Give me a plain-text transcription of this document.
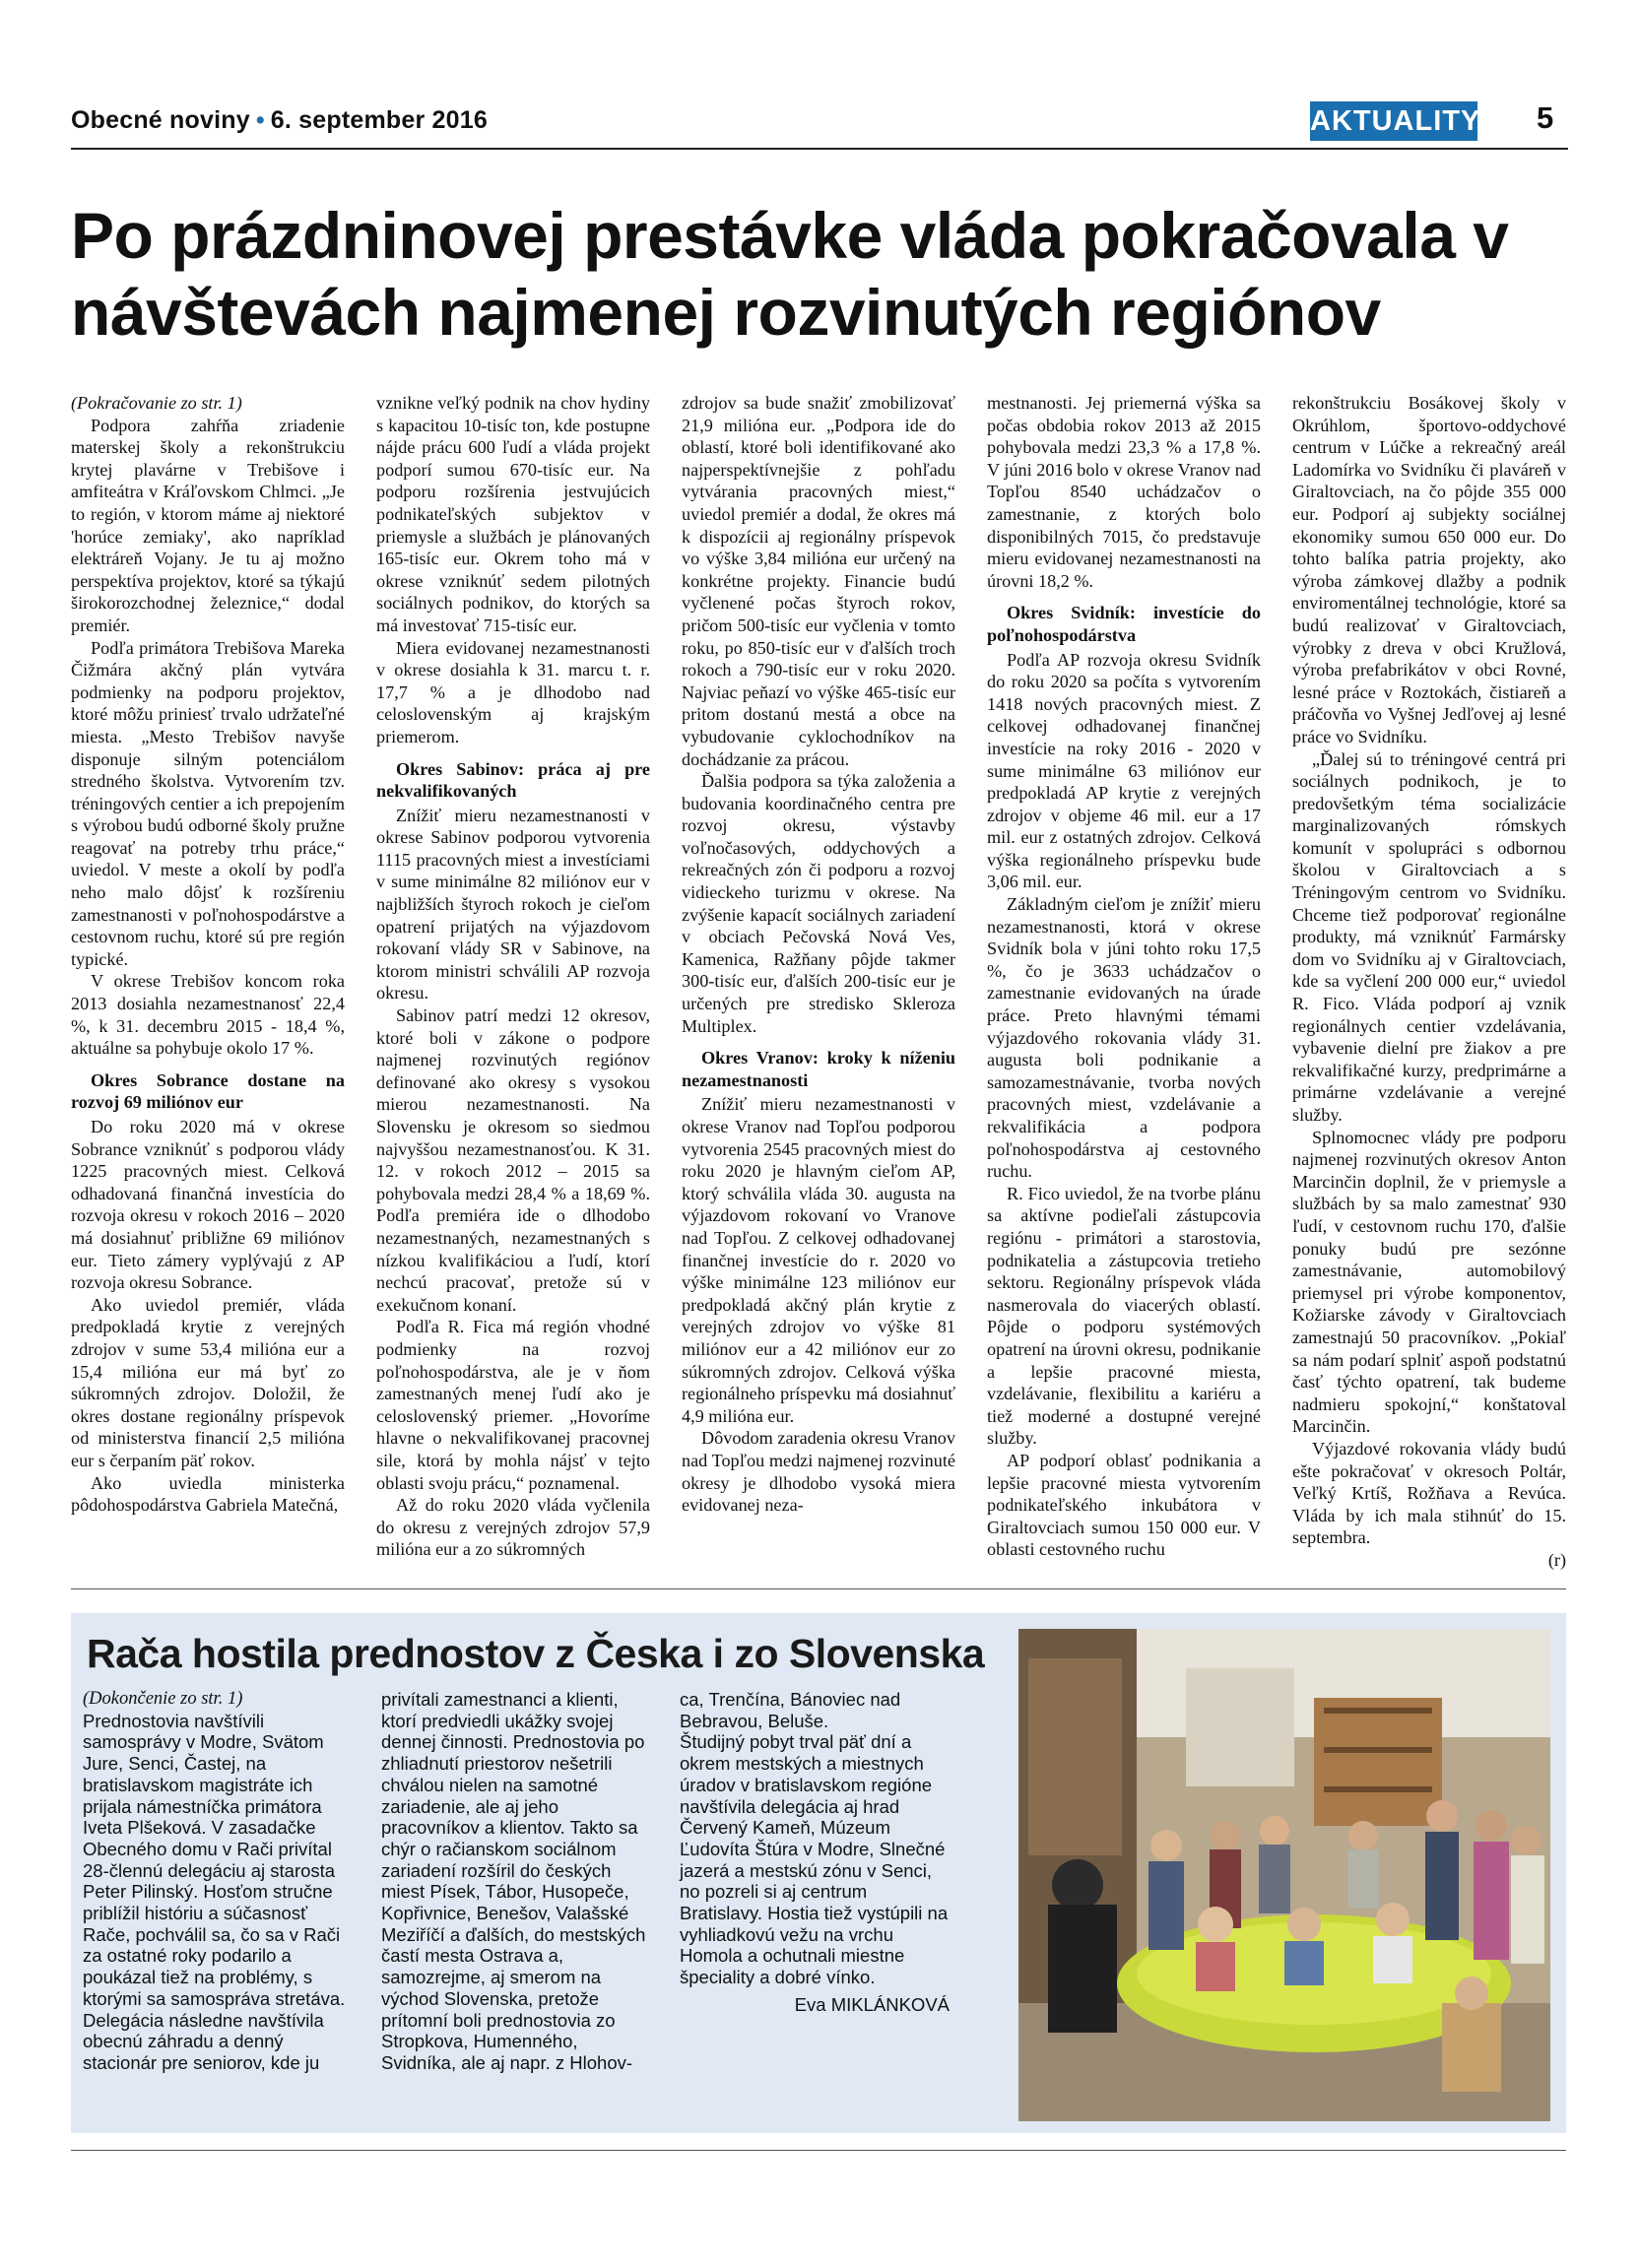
Obecné noviny • 6. september 2016	AKTUALITY 5
Po prázdninovej prestávke vláda pokračovala v návštevách najmenej rozvinutých regiónov

(Pokračovanie zo str. 1)

Podpora zahŕňa zriadenie materskej školy a rekonštrukciu krytej plavárne v Trebišove i amfiteátra v Kráľovskom Chlmci. „Je to región, v ktorom máme aj niektoré 'horúce zemiaky', ako napríklad elektráreň Vojany. Je tu aj možno perspektíva projektov, ktoré sa týkajú širokorozchodnej železnice,“ dodal premiér.

Podľa primátora Trebišova Mareka Čižmára akčný plán vytvára podmienky na podporu projektov, ktoré môžu priniesť trvalo udržateľné miesta. „Mesto Trebišov navyše disponuje silným potenciálom stredného školstva. Vytvorením tzv. tréningových centier a ich prepojením s výrobou budú odborné školy pružne reagovať na potreby trhu práce,“ uviedol. V meste a okolí by podľa neho malo dôjsť k rozšíreniu zamestnanosti v poľnohospodárstve a cestovnom ruchu, ktoré sú pre región typické.

V okrese Trebišov koncom roka 2013 dosiahla nezamestnanosť 22,4 %, k 31. decembru 2015 - 18,4 %, aktuálne sa pohybuje okolo 17 %.

Okres Sobrance dostane na rozvoj 69 miliónov eur

Do roku 2020 má v okrese Sobrance vzniknúť s podporou vlády 1225 pracovných miest. Celková odhadovaná finančná investícia do rozvoja okresu v rokoch 2016 – 2020 má dosiahnuť približne 69 miliónov eur. Tieto zámery vyplývajú z AP rozvoja okresu Sobrance.

Ako uviedol premiér, vláda predpokladá krytie z verejných zdrojov v sume 53,4 milióna eur a 15,4 milióna eur má byť zo súkromných zdrojov. Doložil, že okres dostane regionálny príspevok od ministerstva financií 2,5 milióna eur s čerpaním päť rokov.

Ako uviedla ministerka pôdohospodárstva Gabriela Matečná,

vznikne veľký podnik na chov hydiny s kapacitou 10-tisíc ton, kde postupne nájde prácu 600 ľudí a vláda projekt podporí sumou 670-tisíc eur. Na podporu rozšírenia jestvujúcich podnikateľských subjektov v priemysle a službách je plánovaných 165-tisíc eur. Okrem toho má v okrese vzniknúť sedem pilotných sociálnych podnikov, do ktorých sa má investovať 715-tisíc eur.

Miera evidovanej nezamestnanosti v okrese dosiahla k 31. marcu t. r. 17,7 % a je dlhodobo nad celoslovenským aj krajským priemerom.

Okres Sabinov: práca aj pre nekvalifikovaných

Znížiť mieru nezamestnanosti v okrese Sabinov podporou vytvorenia 1115 pracovných miest a investíciami v sume minimálne 82 miliónov eur v najbližších štyroch rokoch je cieľom opatrení prijatých na výjazdovom rokovaní vlády SR v Sabinove, na ktorom ministri schválili AP rozvoja okresu.

Sabinov patrí medzi 12 okresov, ktoré boli v zákone o podpore najmenej rozvinutých regiónov definované ako okresy s vysokou mierou nezamestnanosti. Na Slovensku je okresom so siedmou najvyššou nezamestnanosťou. K 31. 12. v rokoch 2012 – 2015 sa pohybovala medzi 28,4 % a 18,69 %. Podľa premiéra ide o dlhodobo nezamestnaných, nezamestnaných s nízkou kvalifikáciou a ľudí, ktorí nechcú pracovať, pretože sú v exekučnom konaní.

Podľa R. Fica má región vhodné podmienky na rozvoj poľnohospodárstva, ale je v ňom zamestnaných menej ľudí ako je celoslovenský priemer. „Hovoríme hlavne o nekvalifikovanej pracovnej sile, ktorá by mohla nájsť v tejto oblasti svoju prácu,“ poznamenal.

Až do roku 2020 vláda vyčlenila do okresu z verejných zdrojov 57,9 milióna eur a zo súkromných

zdrojov sa bude snažiť zmobilizovať 21,9 milióna eur. „Podpora ide do oblastí, ktoré boli identifikované ako najperspektívnejšie z pohľadu vytvárania pracovných miest,“ uviedol premiér a dodal, že okres má k dispozícii aj regionálny príspevok vo výške 3,84 milióna eur určený na konkrétne projekty. Financie budú vyčlenené počas štyroch rokov, pričom 500-tisíc eur vyčlenia v tomto roku, po 850-tisíc eur v ďalších troch rokoch a 790-tisíc eur v roku 2020. Najviac peňazí vo výške 465-tisíc eur pritom dostanú mestá a obce na vybudovanie cyklochodníkov na dochádzanie za prácou.

Ďalšia podpora sa týka založenia a budovania koordinačného centra pre rozvoj okresu, výstavby voľnočasových, oddychových a rekreačných zón či podporu a rozvoj vidieckeho turizmu v okrese. Na zvýšenie kapacít sociálnych zariadení v obciach Pečovská Nová Ves, Kamenica, Ražňany pôjde takmer 300-tisíc eur, ďalších 200-tisíc eur je určených pre stredisko Skleroza Multiplex.

Okres Vranov: kroky k níženiu nezamestnanosti

Znížiť mieru nezamestnanosti v okrese Vranov nad Topľou podporou vytvorenia 2545 pracovných miest do roku 2020 je hlavným cieľom AP, ktorý schválila vláda 30. augusta na výjazdovom rokovaní vo Vranove nad Topľou. Z celkovej odhadovanej finančnej investície do r. 2020 vo výške minimálne 123 miliónov eur predpokladá akčný plán krytie z verejných zdrojov vo výške 81 miliónov eur a 42 miliónov eur zo súkromných zdrojov. Celková výška regionálneho príspevku má dosiahnuť 4,9 milióna eur.

Dôvodom zaradenia okresu Vranov nad Topľou medzi najmenej rozvinuté okresy je dlhodobo vysoká miera evidovanej neza-

mestnanosti. Jej priemerná výška sa počas obdobia rokov 2013 až 2015 pohybovala medzi 23,3 % a 17,8 %. V júni 2016 bolo v okrese Vranov nad Topľou 8540 uchádzačov o zamestnanie, z ktorých bolo disponibilných 7015, čo predstavuje mieru evidovanej nezamestnanosti na úrovni 18,2 %.

Okres Svidník: investície do poľnohospodárstva

Podľa AP rozvoja okresu Svidník do roku 2020 sa počíta s vytvorením 1418 nových pracovných miest. Z celkovej odhadovanej finančnej investície na roky 2016 - 2020 v sume minimálne 63 miliónov eur predpokladá AP krytie z verejných zdrojov v objeme 46 mil. eur a 17 mil. eur z ostatných zdrojov. Celková výška regionálneho príspevku bude 3,06 mil. eur.

Základným cieľom je znížiť mieru nezamestnanosti, ktorá v okrese Svidník bola v júni tohto roku 17,5 %, čo je 3633 uchádzačov o zamestnanie evidovaných na úrade práce. Preto hlavnými témami výjazdového rokovania vlády 31. augusta boli podnikanie a samozamestnávanie, tvorba nových pracovných miest, vzdelávanie a rekvalifikácia a podpora poľnohospodárstva aj cestovného ruchu.

R. Fico uviedol, že na tvorbe plánu sa aktívne podieľali zástupcovia regiónu - primátori a starostovia, podnikatelia a zástupcovia tretieho sektoru. Regionálny príspevok vláda nasmerovala do viacerých oblastí. Pôjde o podporu systémových opatrení na úrovni okresu, podnikanie a lepšie pracovné miesta, vzdelávanie, flexibilitu a kariéru a tiež moderné a dostupné verejné služby.

AP podporí oblasť podnikania a lepšie pracovné miesta vytvorením podnikateľského inkubátora v Giraltovciach sumou 150 000 eur. V oblasti cestovného ruchu

rekonštrukciu Bosákovej školy v Okrúhlom, športovo-oddychové centrum v Lúčke a rekreačný areál Ladomírka vo Svidníku či plaváreň v Giraltovciach, na čo pôjde 355 000 eur. Podporí aj subjekty sociálnej ekonomiky sumou 650 000 eur. Do tohto balíka patria projekty, ako výroba zámkovej dlažby a podnik enviromentálnej technológie, ktoré sa budú realizovať v Giraltovciach, výrobky z dreva v obci Kružlová, výroba prefabrikátov v obci Rovné, lesné práce v Roztokách, čistiareň a práčovňa vo Vyšnej Jedľovej aj lesné práce vo Svidníku.

„Ďalej sú to tréningové centrá pri sociálnych podnikoch, je to predovšetkým téma socializácie marginalizovaných rómskych komunít v spolupráci s odbornou školou v Giraltovciach a s Tréningovým centrom vo Svidníku. Chceme tiež podporovať regionálne produkty, má vzniknúť Farmársky dom vo Svidníku aj v Giraltovciach, kde sa vyčlení 200 000 eur,“ uviedol R. Fico. Vláda podporí aj vznik regionálnych centier vzdelávania, vybavenie dielní pre žiakov a pre rekvalifikačné kurzy, predprimárne a primárne vzdelávanie a verejné služby.

Splnomocnec vlády pre podporu najmenej rozvinutých okresov Anton Marcinčin doplnil, že v priemysle a službách by sa malo zamestnať 930 ľudí, v cestovnom ruchu 170, ďalšie ponuky budú pre sezónne zamestnávanie, automobilový priemysel pri výrobe komponentov, Kožiarske závody v Giraltovciach zamestnajú 50 pracovníkov. „Pokiaľ sa nám podarí splniť aspoň podstatnú časť týchto opatrení, tak budeme nadmieru spokojní,“ konštatoval Marcinčin.

Výjazdové rokovania vlády budú ešte pokračovať v okresoch Poltár, Veľký Krtíš, Rožňava a Revúca. Vláda by ich mala stihnúť do 15. septembra.

(r)

Rača hostila prednostov z Česka i zo Slovenska

(Dokončenie zo str. 1)

Prednostovia navštívili samosprávy v Modre, Svätom Jure, Senci, Častej, na bratislavskom magistráte ich prijala námestníčka primátora Iveta Plšeková. V zasadačke Obecného domu v Rači privítal 28-člennú delegáciu aj starosta Peter Pilinský. Hosťom stručne priblížil históriu a súčasnosť Rače, pochválil sa, čo sa v Rači za ostatné roky podarilo a poukázal tiež na problémy, s ktorými sa samospráva stretáva.

Delegácia následne navštívila obecnú záhradu a denný stacionár pre seniorov, kde ju

privítali zamestnanci a klienti, ktorí predviedli ukážky svojej dennej činnosti. Prednostovia po zhliadnutí priestorov nešetrili chválou nielen na samotné zariadenie, ale aj jeho pracovníkov a klientov. Takto sa chýr o račianskom sociálnom zariadení rozšíril do českých miest Písek, Tábor, Husopeče, Kopřivnice, Benešov, Valašské Meziříčí a ďalších, do mestských častí mesta Ostrava a, samozrejme, aj smerom na východ Slovenska, pretože prítomní boli prednostovia zo Stropkova, Humenného, Svidníka, ale aj napr. z Hlohov-

ca, Trenčína, Bánoviec nad Bebravou, Beluše.

Študijný pobyt trval päť dní a okrem mestských a miestnych úradov v bratislavskom regióne navštívila delegácia aj hrad Červený Kameň, Múzeum Ľudovíta Štúra v Modre, Slnečné jazerá a mestskú zónu v Senci, no pozreli si aj centrum Bratislavy. Hostia tiež vystúpili na vyhliadkovú vežu na vrchu Homola a ochutnali miestne špeciality a dobré vínko.

Eva MIKLÁNKOVÁ
